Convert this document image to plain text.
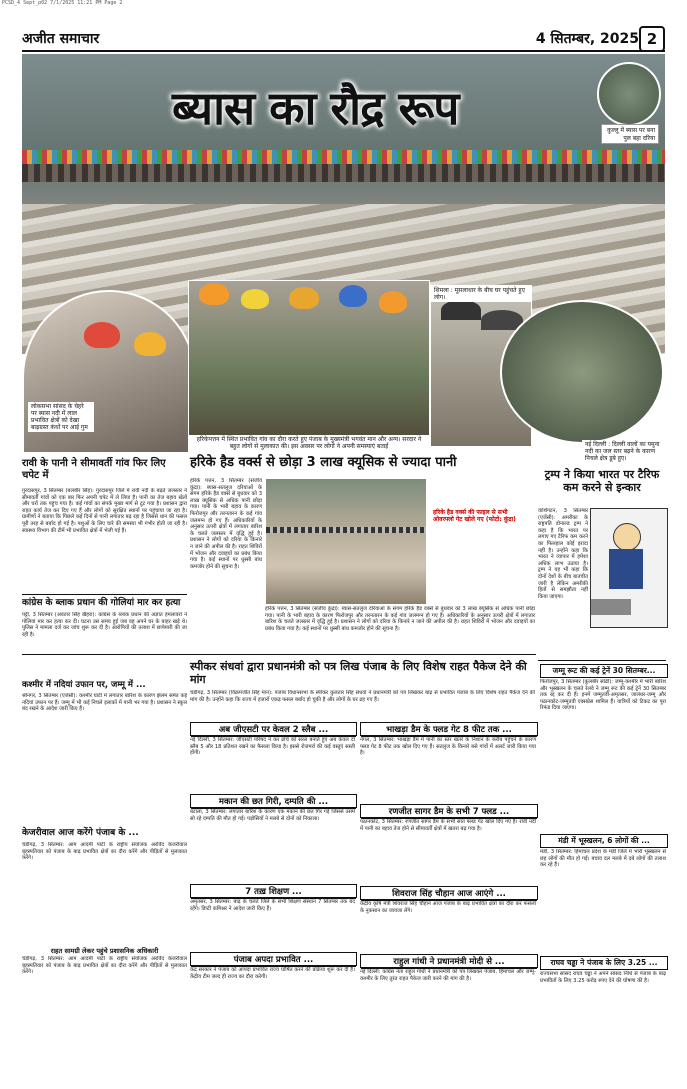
PCSD_4 Sept_p02 7/1/2025 11:21 PM Page 2
अजीत समाचार	4 सितम्बर, 2025 2
ब्यास का रौद्र रूप	कुल्लू में ब्यास पर बना पुल बहा दरिया
लोकसभा सांसद के चेहरे पर ब्यास नदी में लाल प्रभावित क्षेत्रों को देखा बाढ़ग्रस्त कंधों पर आई गुम
हरिकेपत्तन में स्थित प्रभावित गांव का दौरा करते हुए पंजाब के मुख्यमंत्री भगवंत मान और अन्य। सरदार ने बहुत लोगों से मुलाकात की। इस अवसर पर लोगों ने अपनी समस्याएं बताईं
शिमला : मूसलाधार के बीच घर पहुंचते हुए लोग।
नई दिल्ली : दिल्ली वालों का यमुना नदी का जल स्तर बढ़ने के कारण निचले क्षेत्र डूबे हुए।
रावी के पानी ने सीमावर्ती गांव फिर लिए चपेट में
गुरदासपुर, 3 सितम्बर (बलबीर सिंह): गुरदासपुर जिले में रावी नदी के बढ़ते जलस्तर ने सीमावर्ती गांवों को एक बार फिर अपनी चपेट में ले लिया है। पानी का तेज बहाव खेतों और घरों तक पहुंच गया है। कई गांवों का संपर्क मुख्य मार्ग से टूट गया है। प्रशासन द्वारा राहत कार्य तेज कर दिए गए हैं और लोगों को सुरक्षित स्थानों पर पहुंचाया जा रहा है। ग्रामीणों ने बताया कि पिछले कई दिनों से पानी लगातार बढ़ रहा है जिससे धान की फसल पूरी तरह से बर्बाद हो गई है। पशुओं के लिए चारे की समस्या भी गंभीर होती जा रही है। स्वास्थ्य विभाग की टीमें भी प्रभावित क्षेत्रों में भेजी गई हैं।
कांग्रेस के ब्लाक प्रधान की गोलियां मार कर हत्या
पट्टी, 3 सितम्बर (अवतार सिंह खैहरा): कांग्रेस के ब्लाक प्रधान की अज्ञात हमलावरों ने गोलियां मार कर हत्या कर दी। घटना उस समय हुई जब वह अपने घर के बाहर खड़े थे। पुलिस ने मामला दर्ज कर जांच शुरू कर दी है। आरोपियों की तलाश में छापेमारी की जा रही है।
हरिके हैड वर्क्स से छोड़ा 3 लाख क्यूसिक से ज्यादा पानी
हरिके पत्तन, 3 सितम्बर (संजीव कुंद्रा): ब्यास-सतलुज दरियाओं के संगम हरिके हैड वर्क्स से बुधवार को 3 लाख क्यूसिक से अधिक पानी छोड़ा गया। पानी के भारी बहाव के कारण फिरोजपुर और तरनतारन के कई गांव जलमग्न हो गए हैं। अधिकारियों के अनुसार ऊपरी क्षेत्रों में लगातार बारिश के चलते जलस्तर में वृद्धि हुई है। प्रशासन ने लोगों को दरिया के किनारे न जाने की अपील की है। राहत शिविरों में भोजन और दवाइयों का प्रबंध किया गया है। कई स्थानों पर धुस्सी बांध कमजोर होने की सूचना है।
हरिके हैड वर्क्स की फाइल से सभी ओवरफ्लो गेट खोले गए (फोटो: कुंद्रा)
हरिके पत्तन, 3 सितम्बर (संजीव कुंद्रा): ब्यास-सतलुज दरियाओं के संगम हरिके हैड वर्क्स से बुधवार को 3 लाख क्यूसिक से अधिक पानी छोड़ा गया। पानी के भारी बहाव के कारण फिरोजपुर और तरनतारन के कई गांव जलमग्न हो गए हैं। अधिकारियों के अनुसार ऊपरी क्षेत्रों में लगातार बारिश के चलते जलस्तर में वृद्धि हुई है। प्रशासन ने लोगों को दरिया के किनारे न जाने की अपील की है। राहत शिविरों में भोजन और दवाइयों का प्रबंध किया गया है। कई स्थानों पर धुस्सी बांध कमजोर होने की सूचना है।
ट्रम्प ने किया भारत पर टैरिफ कम करने से इन्कार
वाशिंगटन, 3 सितम्बर (एजेंसी): अमरीका के राष्ट्रपति डोनाल्ड ट्रम्प ने कहा है कि भारत पर लगाए गए टैरिफ कम करने का फिलहाल कोई इरादा नहीं है। उन्होंने कहा कि भारत ने व्यापार में हमेशा अधिक लाभ उठाया है। ट्रम्प ने यह भी कहा कि दोनों देशों के बीच बातचीत जारी है लेकिन अमरीकी हितों से समझौता नहीं किया जाएगा।
स्पीकर संधवां द्वारा प्रधानमंत्री को पत्र लिख पंजाब के लिए विशेष राहत पैकेज देने की मांग
चंडीगढ़, 3 सितम्बर (विक्रमजीत सिंह मान): पंजाब विधानसभा के स्पीकर कुलतार सिंह संधवां ने प्रधानमंत्री को पत्र लिखकर बाढ़ से प्रभावित पंजाब के लिए विशेष राहत पैकेज देने की मांग की है। उन्होंने कहा कि राज्य में हजारों एकड़ फसल बर्बाद हो चुकी है और लोगों के घर ढह गए हैं।
कश्मीर में नदियां उफान पर, जम्मू में ...
श्रीनगर, 3 सितम्बर (एजेंसी): कश्मीर घाटी में लगातार बारिश के कारण झेलम समेत कई नदियां उफान पर हैं। जम्मू में भी कई निचले इलाकों में पानी भर गया है। प्रशासन ने स्कूल बंद रखने के आदेश जारी किए हैं।
केजरीवाल आज करेंगे पंजाब के ...
चंडीगढ़, 3 सितम्बर: आम आदमी पार्टी के राष्ट्रीय संयोजक अरविंद केजरीवाल बृहस्पतिवार को पंजाब के बाढ़ प्रभावित क्षेत्रों का दौरा करेंगे और पीड़ितों से मुलाकात करेंगे।
राहत सामग्री लेकर पहुंचे प्रशासनिक अधिकारी
चंडीगढ़, 3 सितम्बर: आम आदमी पार्टी के राष्ट्रीय संयोजक अरविंद केजरीवाल बृहस्पतिवार को पंजाब के बाढ़ प्रभावित क्षेत्रों का दौरा करेंगे और पीड़ितों से मुलाकात करेंगे।
अब जीएसटी पर केवल 2 स्लैब ...
नई दिल्ली, 3 सितम्बर: जीएसटी परिषद ने कर ढांचे को सरल बनाते हुए अब केवल दो स्लैब 5 और 18 प्रतिशत रखने का फैसला किया है। इससे रोजमर्रा की कई वस्तुएं सस्ती होंगी।
मकान की छत गिरी, दम्पति की ...
बटाला, 3 सितम्बर: लगातार बारिश के कारण एक मकान की छत गिर गई जिससे उसमें सो रहे दम्पति की मौत हो गई। पड़ोसियों ने मलबे से दोनों को निकाला।
7 तख़ शिक्षण ...
अमृतसर, 3 सितम्बर: बाढ़ के चलते जिले के सभी शिक्षण संस्थान 7 सितम्बर तक बंद रहेंगे। डिप्टी कमिश्नर ने आदेश जारी किए हैं।
पंजाब अपदा प्रभावित ...
केंद्र सरकार ने पंजाब को आपदा प्रभावित राज्य घोषित करने की प्रक्रिया शुरू कर दी है। केंद्रीय टीम जल्द ही राज्य का दौरा करेगी।
भाखड़ा डैम के फ्लड गेट 8 फीट तक ...
नंगल, 3 सितम्बर: भाखड़ा डैम में पानी का स्तर खतरे के निशान के करीब पहुंचने के कारण फ्लड गेट 8 फीट तक खोल दिए गए हैं। सतलुज के किनारे बसे गांवों में अलर्ट जारी किया गया है।
रणजीत सागर डैम के सभी 7 फ्लड ...
पठानकोट, 3 सितम्बर: रणजीत सागर डैम के सभी सात फ्लड गेट खोल दिए गए हैं। रावी नदी में पानी का बहाव तेज होने से सीमावर्ती क्षेत्रों में खतरा बढ़ गया है।
शिवराज सिंह चौहान आज आएंगे ...
केंद्रीय कृषि मंत्री शिवराज सिंह चौहान आज पंजाब के बाढ़ प्रभावित क्षेत्रों का दौरा कर फसलों के नुकसान का जायजा लेंगे।
राहुल गांधी ने प्रधानमंत्री मोदी से ...
नई दिल्ली: कांग्रेस नेता राहुल गांधी ने प्रधानमंत्री को पत्र लिखकर पंजाब, हिमाचल और जम्मू-कश्मीर के लिए तुरंत राहत पैकेज जारी करने की मांग की है।
जम्मू रूट की कई ट्रेनें 30 सितम्बर...
फिरोजपुर, 3 सितम्बर (कुलबीर सोढी): जम्मू-कश्मीर में भारी बारिश और भूस्खलन के चलते रेलवे ने जम्मू रूट की कई ट्रेनें 30 सितम्बर तक रद्द कर दी हैं। इनमें जम्मूतवी-अमृतसर, जालंधर-जम्मू और पठानकोट-जम्मूतवी एक्सप्रेस शामिल हैं। यात्रियों को टिकट का पूरा रिफंड दिया जाएगा।
मंडी में भूस्खलन, 6 लोगों की ...
मंडी, 3 सितम्बर: हिमाचल प्रदेश के मंडी जिले में भारी भूस्खलन से छह लोगों की मौत हो गई। बचाव दल मलबे में दबे लोगों की तलाश कर रहे हैं।
राघव चड्ढा ने पंजाब के लिए 3.25 ...
राज्यसभा सांसद राघव चड्ढा ने अपने सांसद निधि से पंजाब के बाढ़ प्रभावितों के लिए 3.25 करोड़ रुपए देने की घोषणा की है।
